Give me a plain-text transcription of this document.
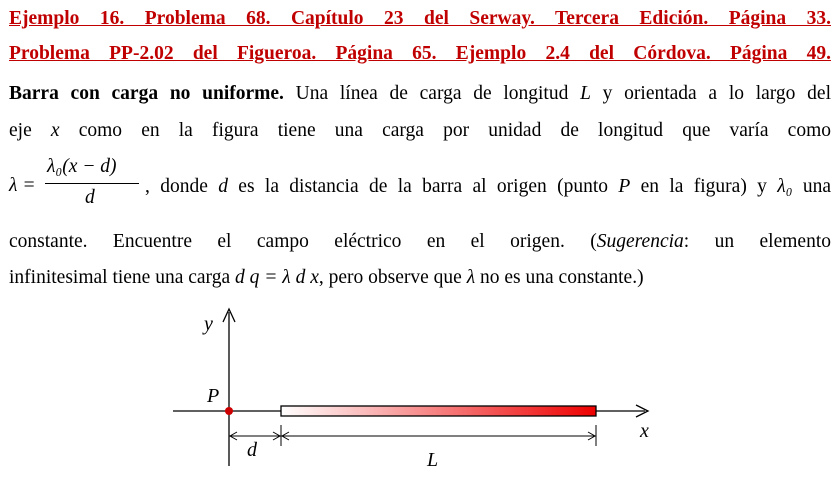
Ejemplo 16. Problema 68. Capítulo 23 del Serway. Tercera Edición. Página 33.
Problema PP-2.02 del Figueroa. Página 65. Ejemplo 2.4 del Córdova. Página 49.
Barra con carga no uniforme. Una línea de carga de longitud L y orientada a lo largo del
eje x como en la figura tiene una carga por unidad de longitud que varía como
λ =
λ₀(x − d)
d
, donde d es la distancia de la barra al origen (punto P en la figura) y λ₀ una
constante. Encuentre el campo eléctrico en el origen. (Sugerencia: un elemento
infinitesimal tiene una carga d q = λ d x, pero observe que λ no es una constante.)
y
x
P
d	L
